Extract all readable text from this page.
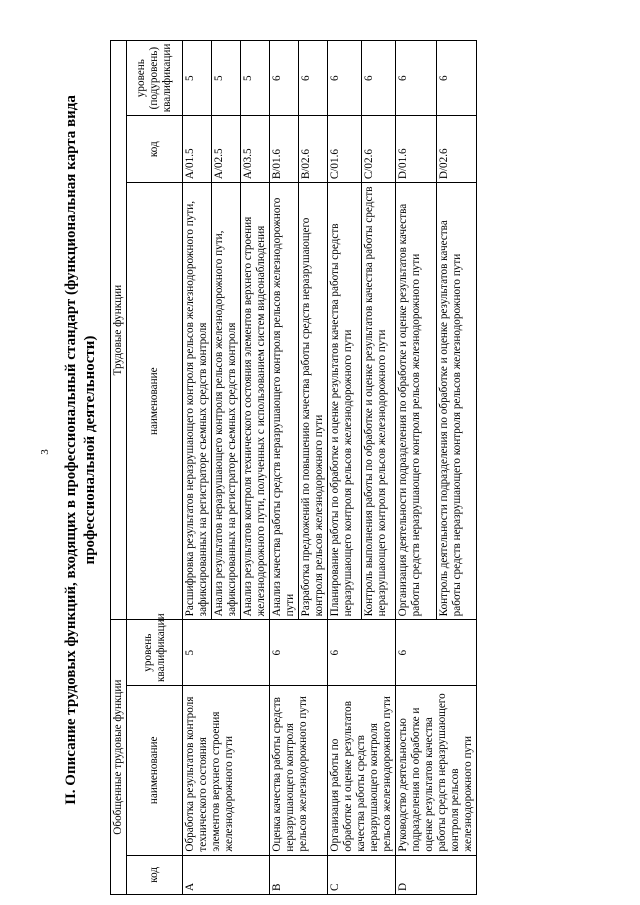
3 II. Описание трудовых функций, входящих в профессиональный стандарт (функциональная карта вида профессиональной деятельности)
Обобщенные трудовые функции			Трудовые функции		
код	наименование	уровень квалификации	наименование	код	уровень (подуровень) квалификации
А	Обработка результатов контроля технического состояния элементов верхнего строения железнодорожного пути	5	Расшифровка результатов неразрушающего контроля рельсов железнодорожного пути, зафиксированных на регистраторе съемных средств контроля	А/01.5	5
			Анализ результатов неразрушающего контроля рельсов железнодорожного пути, зафиксированных на регистраторе съемных средств контроля	А/02.5	5
			Анализ результатов контроля технического состояния элементов верхнего строения железнодорожного пути, полученных с использованием систем видеонаблюдения	А/03.5	5
В	Оценка качества работы средств неразрушающего контроля рельсов железнодорожного пути	6	Анализ качества работы средств неразрушающего контроля рельсов железнодорожного пути	В/01.6	6
			Разработка предложений по повышению качества работы средств неразрушающего контроля рельсов железнодорожного пути	В/02.6	6
С	Организация работы по обработке и оценке результатов качества работы средств неразрушающего контроля рельсов железнодорожного пути	6	Планирование работы по обработке и оценке результатов качества работы средств неразрушающего контроля рельсов железнодорожного пути	С/01.6	6
			Контроль выполнения работы по обработке и оценке результатов качества работы средств неразрушающего контроля рельсов железнодорожного пути	С/02.6	6
D	Руководство деятельностью подразделения по обработке и оценке результатов качества работы средств неразрушающего контроля рельсов железнодорожного пути	6	Организация деятельности подразделения по обработке и оценке результатов качества работы средств неразрушающего контроля рельсов железнодорожного пути	D/01.6	6
			Контроль деятельности подразделения по обработке и оценке результатов качества работы средств неразрушающего контроля рельсов железнодорожного пути	D/02.6	6
